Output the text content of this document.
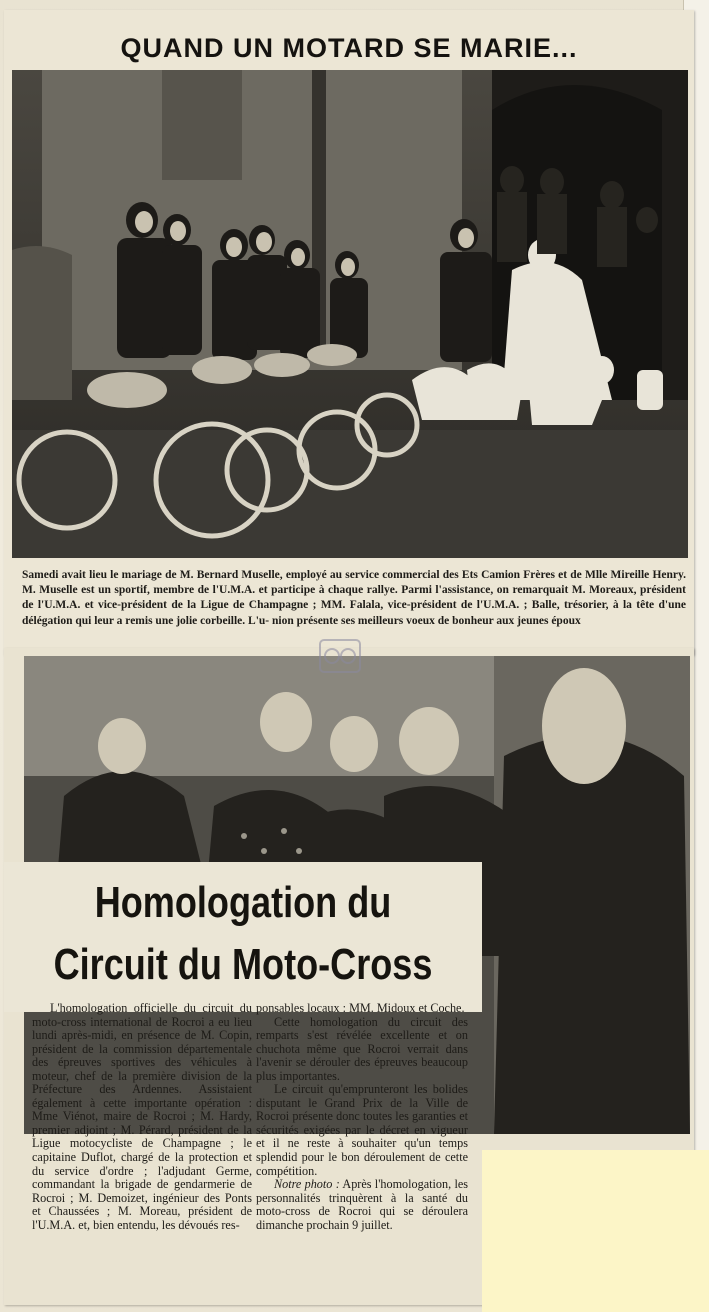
QUAND UN MOTARD SE MARIE...
Samedi avait lieu le mariage de M. Bernard Muselle, employé au service commercial des Ets Camion Frères et de Mlle Mireille Henry. M. Muselle est un sportif, membre de l'U.M.A. et participe à chaque rallye. Parmi l'assistance, on remarquait M. Moreaux, président de l'U.M.A. et vice-président de la Ligue de Champagne ; MM. Falala, vice-président de l'U.M.A. ; Balle, trésorier, à la tête d'une délégation qui leur a remis une jolie corbeille. L'u- nion présente ses meilleurs voeux de bonheur aux jeunes époux
Homologation du
Circuit du Moto-Cross

L'homologation officielle du circuit du moto-cross international de Rocroi a eu lieu lundi après-midi, en présence de M. Copin, président de la commission départementale des épreuves sportives des véhicules à moteur, chef de la première division de la Préfecture des Ardennes. Assistaient également à cette importante opération : Mme Viénot, maire de Rocroi ; M. Hardy, premier adjoint ; M. Pérard, président de la Ligue motocycliste de Champagne ; le capitaine Duflot, chargé de la protection et du service d'ordre ; l'adjudant Germe, commandant la brigade de gendarmerie de Rocroi ; M. Demoizet, ingénieur des Ponts et Chaussées ; M. Moreau, président de l'U.M.A. et, bien entendu, les dévoués res-

ponsables locaux : MM. Midoux et Coche.

Cette homologation du circuit des remparts s'est révélée excellente et on chuchota même que Rocroi verrait dans l'avenir se dérouler des épreuves beaucoup plus importantes.

Le circuit qu'emprunteront les bolides disputant le Grand Prix de la Ville de Rocroi présente donc toutes les garanties et sécurités exigées par le décret en vigueur et il ne reste à souhaiter qu'un temps splendid pour le bon déroulement de cette compétition.

Notre photo : Après l'homologation, les personnalités trinquèrent à la santé du moto-cross de Rocroi qui se déroulera dimanche prochain 9 juillet.
